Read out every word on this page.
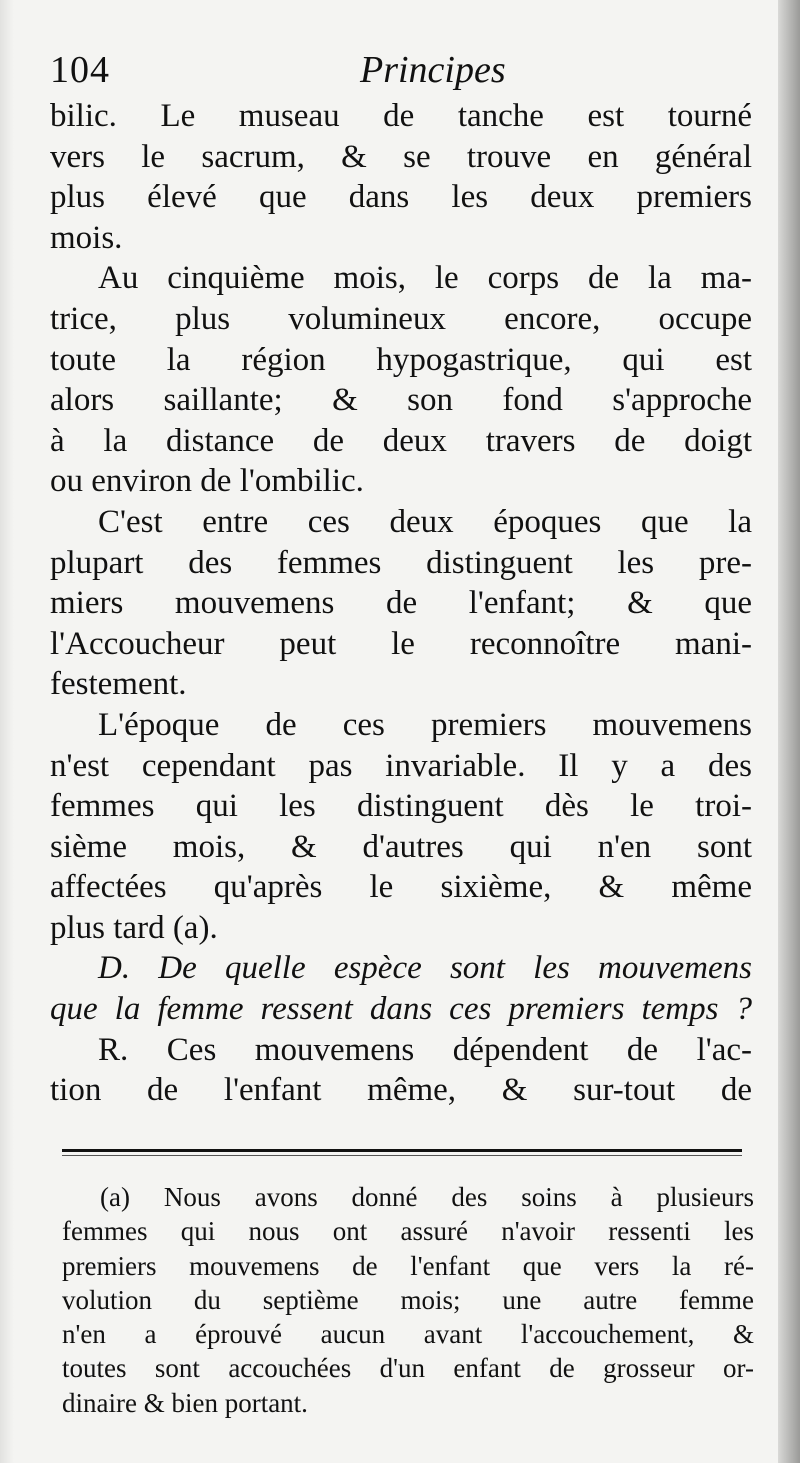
104	Principes
bilic. Le museau de tanche est tourné
vers le sacrum, & se trouve en général
plus élevé que dans les deux premiers
mois.
Au cinquième mois, le corps de la ma-
trice, plus volumineux encore, occupe
toute la région hypogastrique, qui est
alors saillante; & son fond s'approche
à la distance de deux travers de doigt
ou environ de l'ombilic.
C'est entre ces deux époques que la
plupart des femmes distinguent les pre-
miers mouvemens de l'enfant; & que
l'Accoucheur peut le reconnoître mani-
festement.
L'époque de ces premiers mouvemens
n'est cependant pas invariable. Il y a des
femmes qui les distinguent dès le troi-
sième mois, & d'autres qui n'en sont
affectées qu'après le sixième, & même
plus tard (a).
D. De quelle espèce sont les mouvemens
que la femme ressent dans ces premiers temps ?
R. Ces mouvemens dépendent de l'ac-
tion de l'enfant même, & sur-tout de
(a) Nous avons donné des soins à plusieurs
femmes qui nous ont assuré n'avoir ressenti les
premiers mouvemens de l'enfant que vers la ré-
volution du septième mois; une autre femme
n'en a éprouvé aucun avant l'accouchement, &
toutes sont accouchées d'un enfant de grosseur or-
dinaire & bien portant.
